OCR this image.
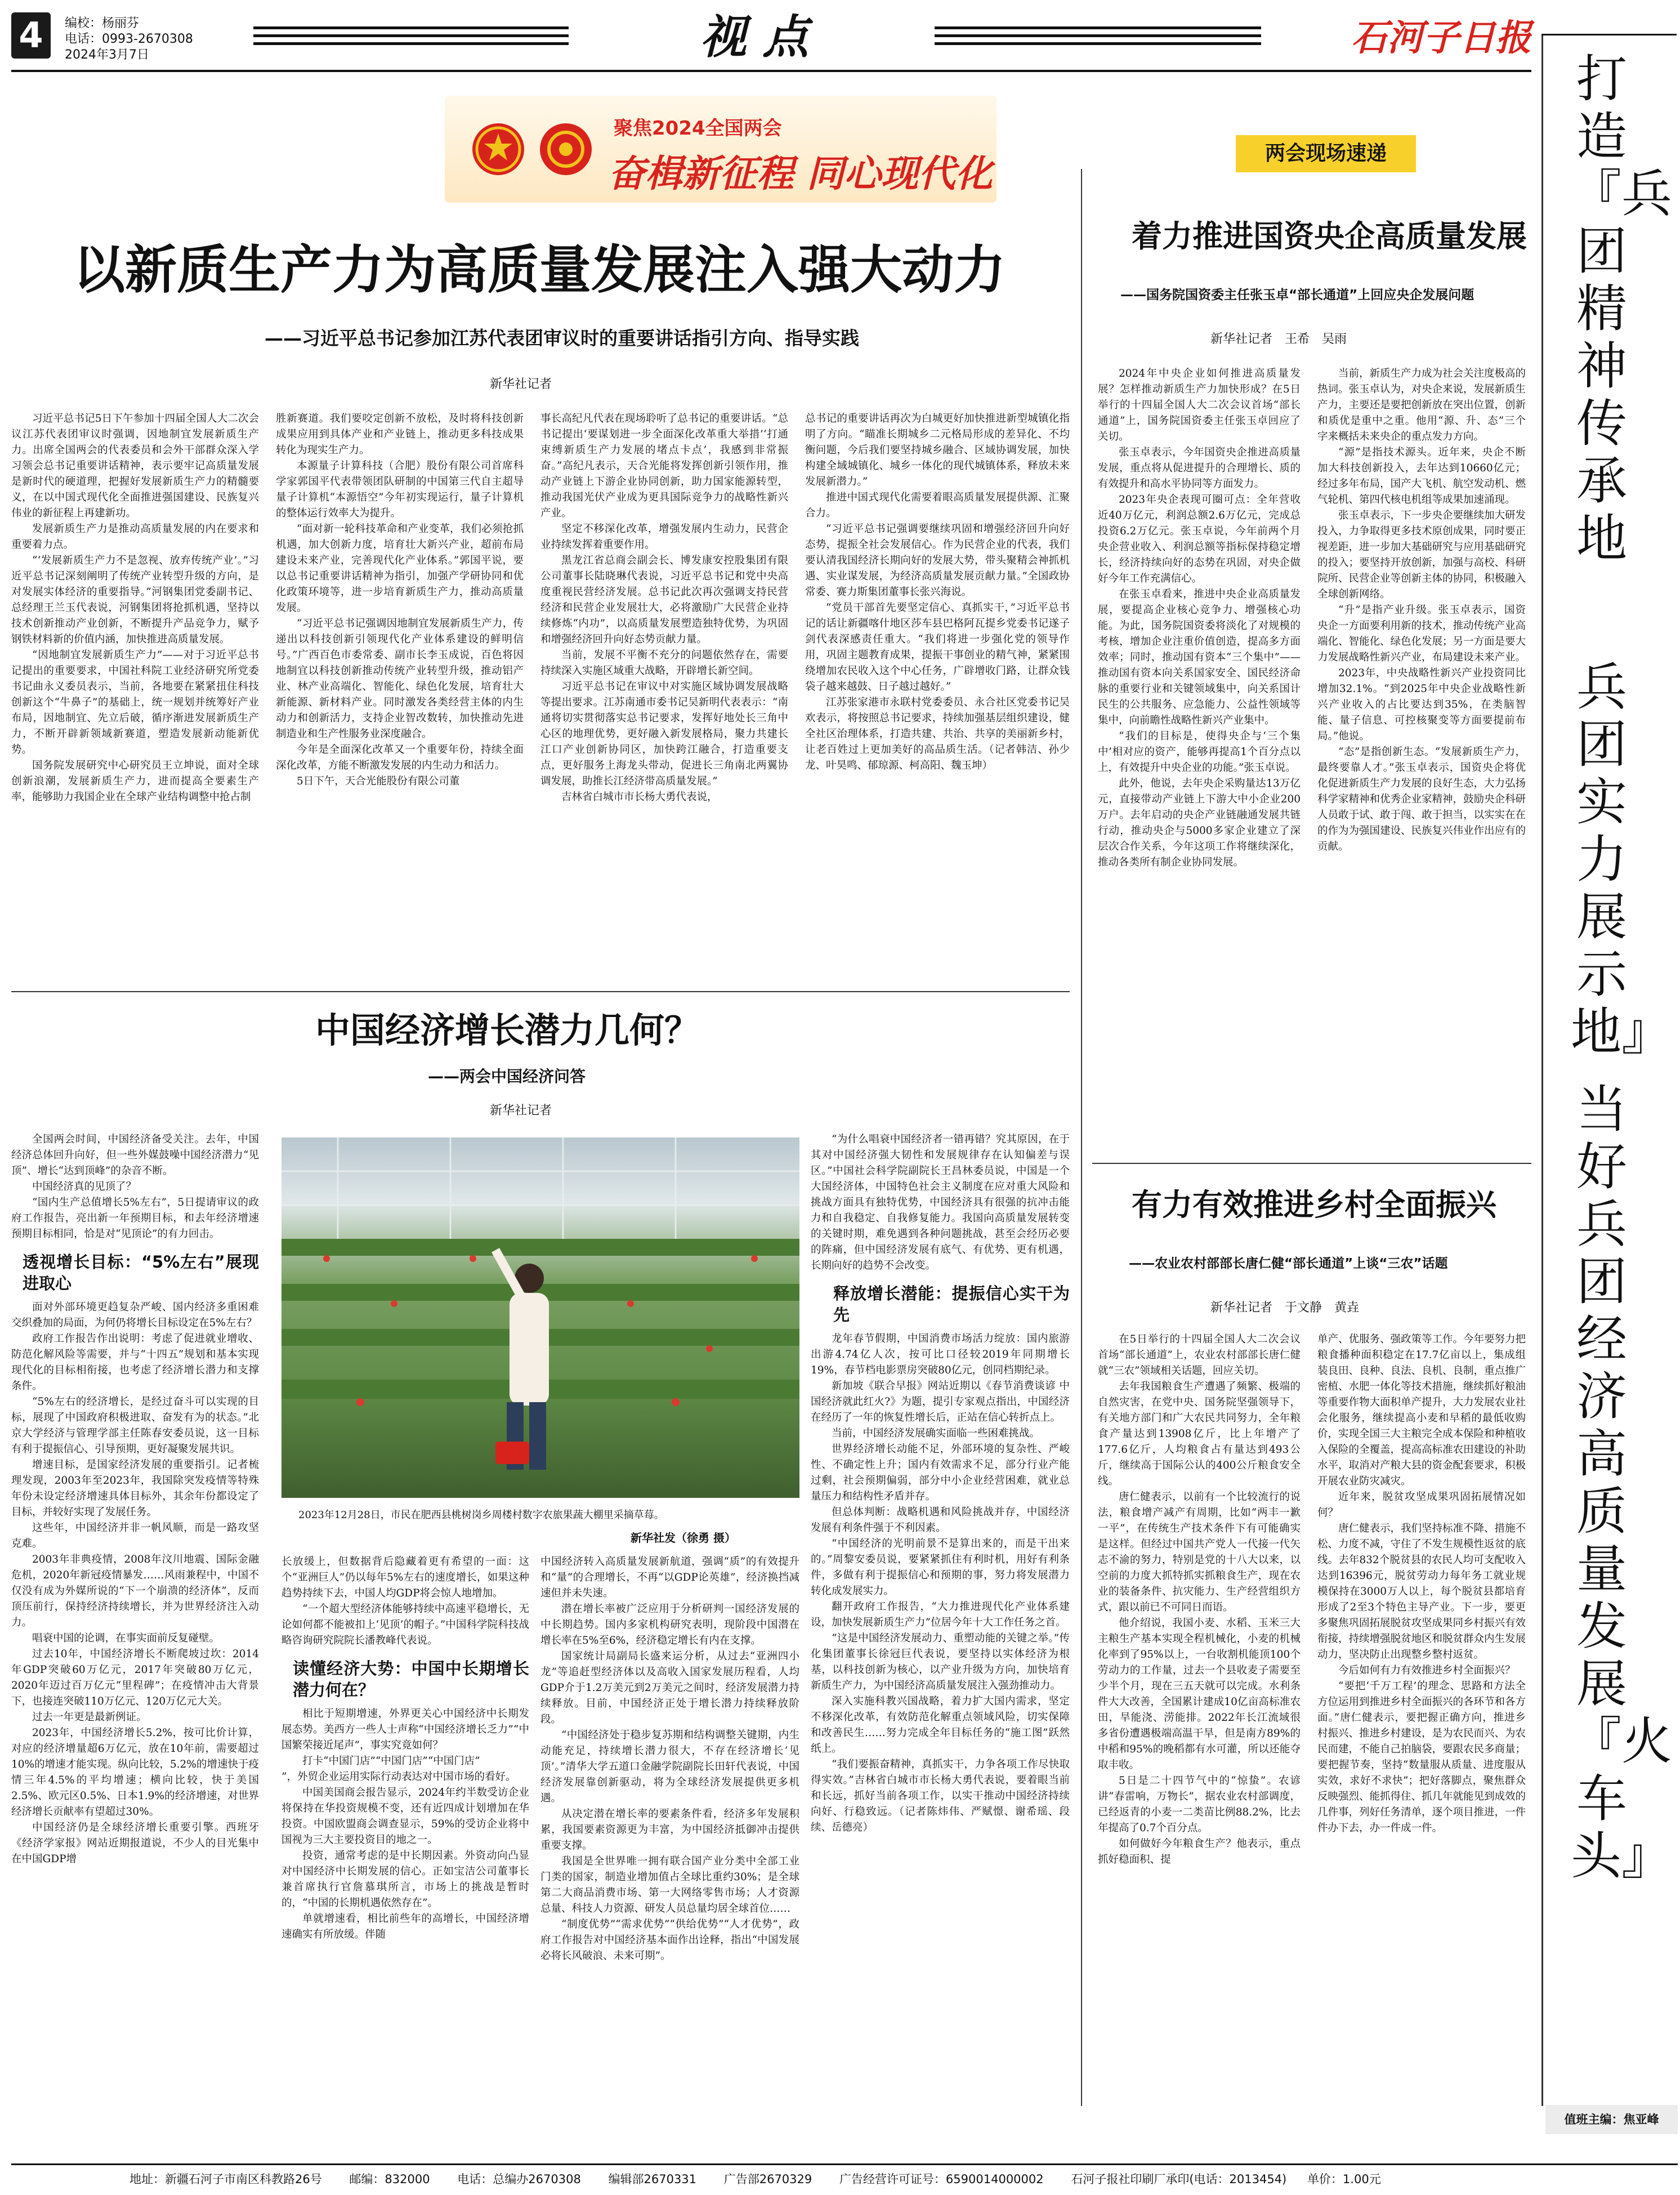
4	编校：杨丽芬
电话：0993-2670308
2024年3月7日	视 点	石河子日报
聚焦2024全国两会
奋楫新征程 同心现代化
打造『兵团精神传承地
兵团实力展示地』
当好兵团经济高质量发展『火车头』
值班主编：焦亚峰
两会现场速递
以新质生产力为高质量发展注入强大动力
——习近平总书记参加江苏代表团审议时的重要讲话指引方向、指导实践
新华社记者

习近平总书记5日下午参加十四届全国人大二次会议江苏代表团审议时强调，因地制宜发展新质生产力。出席全国两会的代表委员和会外干部群众深入学习领会总书记重要讲话精神，表示要牢记高质量发展是新时代的硬道理，把握好发展新质生产力的精髓要义，在以中国式现代化全面推进强国建设、民族复兴伟业的新征程上再建新功。

发展新质生产力是推动高质量发展的内在要求和重要着力点。

“‘发展新质生产力不是忽视、放弃传统产业’。”习近平总书记深刻阐明了传统产业转型升级的方向，是对发展实体经济的重要指导。”河钢集团党委副书记、总经理王兰玉代表说，河钢集团将抢抓机遇，坚持以技术创新推动产业创新，不断提升产品竞争力，赋予钢铁材料新的价值内涵，加快推进高质量发展。

“因地制宜发展新质生产力”——对于习近平总书记提出的重要要求，中国社科院工业经济研究所党委书记曲永义委员表示，当前，各地要在紧紧扭住科技创新这个“牛鼻子”的基础上，统一规划并统筹好产业布局，因地制宜、先立后破，循序渐进发展新质生产力，不断开辟新领域新赛道，塑造发展新动能新优势。

国务院发展研究中心研究员王立坤说，面对全球创新浪潮，发展新质生产力，进而提高全要素生产率，能够助力我国企业在全球产业结构调整中抢占制

胜新赛道。我们要咬定创新不放松，及时将科技创新成果应用到具体产业和产业链上，推动更多科技成果转化为现实生产力。

本源量子计算科技（合肥）股份有限公司首席科学家郭国平代表带领团队研制的中国第三代自主超导量子计算机“本源悟空”今年初实现运行，量子计算机的整体运行效率大为提升。

“面对新一轮科技革命和产业变革，我们必须抢抓机遇，加大创新力度，培育壮大新兴产业，超前布局建设未来产业，完善现代化产业体系。”郭国平说，要以总书记重要讲话精神为指引，加强产学研协同和优化政策环境等，进一步培育新质生产力，推动高质量发展。

“习近平总书记强调因地制宜发展新质生产力，传递出以科技创新引领现代化产业体系建设的鲜明信号。”广西百色市委常委、副市长李玉成说，百色将因地制宜以科技创新推动传统产业转型升级，推动铝产业、林产业高端化、智能化、绿色化发展，培育壮大新能源、新材料产业。同时激发各类经营主体的内生动力和创新活力，支持企业智改数转，加快推动先进制造业和生产性服务业深度融合。

今年是全面深化改革又一个重要年份，持续全面深化改革，方能不断激发发展的内生动力和活力。

5日下午，天合光能股份有限公司董

事长高纪凡代表在现场聆听了总书记的重要讲话。“总书记提出‘要谋划进一步全面深化改革重大举措’‘打通束缚新质生产力发展的堵点卡点’，我感到非常振奋。”高纪凡表示，天合光能将发挥创新引领作用，推动产业链上下游企业协同创新，助力国家能源转型，推动我国光伏产业成为更具国际竞争力的战略性新兴产业。

坚定不移深化改革，增强发展内生动力，民营企业持续发挥着重要作用。

黑龙江省总商会副会长、博发康安控股集团有限公司董事长陆晓琳代表说，习近平总书记和党中央高度重视民营经济发展。总书记此次再次强调支持民营经济和民营企业发展壮大，必将激励广大民营企业持续修炼“内功”，以高质量发展塑造独特优势，为巩固和增强经济回升向好态势贡献力量。

当前，发展不平衡不充分的问题依然存在，需要持续深入实施区域重大战略，开辟增长新空间。

习近平总书记在审议中对实施区域协调发展战略等提出要求。江苏南通市委书记吴新明代表表示：“南通将切实贯彻落实总书记要求，发挥好地处长三角中心区的地理优势，更好融入新发展格局，聚力共建长江口产业创新协同区，加快跨江融合，打造重要支点，更好服务上海龙头带动，促进长三角南北两翼协调发展，助推长江经济带高质量发展。”

吉林省白城市市长杨大勇代表说，

总书记的重要讲话再次为白城更好加快推进新型城镇化指明了方向。“瞄准长期城乡二元格局形成的差异化、不均衡问题，今后我们要坚持城乡融合、区域协调发展，加快构建全域城镇化、城乡一体化的现代城镇体系，释放未来发展新潜力。”

推进中国式现代化需要着眼高质量发展提供源、汇聚合力。

“习近平总书记强调要继续巩固和增强经济回升向好态势，提振全社会发展信心。作为民营企业的代表，我们要认清我国经济长期向好的发展大势，带头聚精会神抓机遇、实业谋发展，为经济高质量发展贡献力量。”全国政协常委、赛力斯集团董事长张兴海说。

“党员干部首先要坚定信心、真抓实干，”习近平总书记的话让新疆喀什地区莎车县巴格阿瓦提乡党委书记遂子剑代表深感责任重大。“我们将进一步强化党的领导作用，巩固主题教育成果，提振干事创业的精气神，紧紧围绕增加农民收入这个中心任务，广辟增收门路，让群众钱袋子越来越鼓、日子越过越好。”

江苏张家港市永联村党委委员、永合社区党委书记吴欢表示，将按照总书记要求，持续加强基层组织建设，健全社区治理体系，打造共建、共治、共享的美丽新乡村，让老百姓过上更加美好的高品质生活。（记者韩洁、孙少龙、叶昊鸣、郁琼源、柯高阳、魏玉坤）

中国经济增长潜力几何？
——两会中国经济问答
新华社记者

全国两会时间，中国经济备受关注。去年，中国经济总体回升向好，但一些外媒鼓噪中国经济潜力“见顶”、增长“达到顶峰”的杂音不断。

中国经济真的见顶了？

“国内生产总值增长5%左右”，5日提请审议的政府工作报告，亮出新一年预期目标，和去年经济增速预期目标相同，恰是对“见顶论”的有力回击。

透视增长目标：“5%左右”展现进取心

面对外部环境更趋复杂严峻、国内经济多重困难交织叠加的局面，为何仍将增长目标设定在5%左右？

政府工作报告作出说明：考虑了促进就业增收、防范化解风险等需要，并与“十四五”规划和基本实现现代化的目标相衔接，也考虑了经济增长潜力和支撑条件。

“5%左右的经济增长，是经过奋斗可以实现的目标，展现了中国政府积极进取、奋发有为的状态。”北京大学经济与管理学部主任陈春安委员说，这一目标有利于提振信心、引导预期，更好凝聚发展共识。

增速目标，是国家经济发展的重要指引。记者梳理发现，2003年至2023年，我国除突发疫情等特殊年份未设定经济增速具体目标外，其余年份都设定了目标，并较好实现了发展任务。

这些年，中国经济并非一帆风顺，而是一路攻坚克难。

2003年非典疫情，2008年汶川地震、国际金融危机，2020年新冠疫情暴发……风雨兼程中，中国不仅没有成为外媒所说的“下一个崩溃的经济体”，反而顶压前行，保持经济持续增长，并为世界经济注入动力。

唱衰中国的论调，在事实面前反复碰壁。

过去10年，中国经济增长不断爬坡过坎：2014年GDP突破60万亿元，2017年突破80万亿元，2020年迈过百万亿元“里程碑”；在疫情冲击大背景下，也接连突破110万亿元、120万亿元大关。

过去一年更是最新例证。

2023年，中国经济增长5.2%，按可比价计算，对应的经济增量超6万亿元，放在10年前，需要超过10%的增速才能实现。纵向比较，5.2%的增速快于疫情三年4.5%的平均增速；横向比较，快于美国2.5%、欧元区0.5%、日本1.9%的经济增速，对世界经济增长贡献率有望超过30%。

中国经济仍是全球经济增长重要引擎。西班牙《经济学家报》网站近期报道说，不少人的目光集中在中国GDP增

2023年12月28日，市民在肥西县桃树岗乡周楼村数字农旅果蔬大棚里采摘草莓。
新华社发（徐勇 摄）

长放缓上，但数据背后隐藏着更有希望的一面：这个“亚洲巨人”仍以每年5%左右的速度增长，如果这种趋势持续下去，中国人均GDP将会惊人地增加。

“一个超大型经济体能够持续中高速平稳增长，无论如何都不能被扣上‘见顶’的帽子。”中国科学院科技战略咨询研究院院长潘教峰代表说。

读懂经济大势：中国中长期增长潜力何在？

相比于短期增速，外界更关心中国经济中长期发展态势。美西方一些人士声称“中国经济增长乏力”“中国繁荣接近尾声”，事实究竟如何？

打卡“中国门店”“中国门店”“中国门店”

”，外贸企业运用实际行动表达对中国市场的看好。

中国美国商会报告显示，2024年约半数受访企业将保持在华投资规模不变，还有近四成计划增加在华投资。中国欧盟商会调查显示，59%的受访企业将中国视为三大主要投资目的地之一。

投资，通常考虑的是中长期因素。外资动向凸显对中国经济中长期发展的信心。正如宝洁公司董事长兼首席执行官詹慕琪所言，市场上的挑战是暂时的，“中国的长期机遇依然存在”。

单就增速看，相比前些年的高增长，中国经济增速确实有所放缓。伴随

中国经济转入高质量发展新航道，强调“质”的有效提升和“量”的合理增长，不再“以GDP论英雄”，经济换挡减速但并未失速。

潜在增长率被广泛应用于分析研判一国经济发展的中长期趋势。国内多家机构研究表明，现阶段中国潜在增长率在5%至6%，经济稳定增长有内在支撑。

国家统计局副局长盛来运分析，从过去“亚洲四小龙”等追赶型经济体以及高收入国家发展历程看，人均GDP介于1.2万美元到2万美元之间时，经济发展潜力持续释放。目前，中国经济正处于增长潜力持续释放阶段。

“中国经济处于稳步复苏期和结构调整关键期，内生动能充足，持续增长潜力很大，不存在经济增长‘见顶’。”清华大学五道口金融学院副院长田轩代表说，中国经济发展靠创新驱动，将为全球经济发展提供更多机遇。

从决定潜在增长率的要素条件看，经济多年发展积累，我国要素资源更为丰富，为中国经济抵御冲击提供重要支撑。

我国是全世界唯一拥有联合国产业分类中全部工业门类的国家，制造业增加值占全球比重约30%；是全球第二大商品消费市场、第一大网络零售市场；人才资源总量、科技人力资源、研发人员总量均居全球首位……

“制度优势”“需求优势”“供给优势”“人才优势”，政府工作报告对中国经济基本面作出诠释，指出“中国发展必将长风破浪、未来可期”。

“为什么唱衰中国经济者一错再错？究其原因，在于其对中国经济强大韧性和发展规律存在认知偏差与误区。”中国社会科学院副院长王昌林委员说，中国是一个大国经济体，中国特色社会主义制度在应对重大风险和挑战方面具有独特优势，中国经济具有很强的抗冲击能力和自我稳定、自我修复能力。我国向高质量发展转变的关键时期，难免遇到各种问题挑战，甚至会经历必要的阵痛，但中国经济发展有底气、有优势、更有机遇，长期向好的趋势不会改变。

释放增长潜能：提振信心实干为先

龙年春节假期，中国消费市场活力绽放：国内旅游出游4.74亿人次，按可比口径较2019年同期增长19%，春节档电影票房突破80亿元，创同档期纪录。

新加坡《联合早报》网站近期以《春节消费谈谚 中国经济就此红火?》为题，提引专家观点指出，中国经济在经历了一年的恢复性增长后，正站在信心转折点上。

当前，中国经济发展确实面临一些困难挑战。

世界经济增长动能不足，外部环境的复杂性、严峻性、不确定性上升；国内有效需求不足，部分行业产能过剩，社会预期偏弱，部分中小企业经营困难，就业总量压力和结构性矛盾并存。

但总体判断：战略机遇和风险挑战并存，中国经济发展有利条件强于不利因素。

“中国经济的光明前景不是算出来的，而是干出来的。”周黎安委员说，要紧紧抓住有利时机，用好有利条件，多做有利于提振信心和预期的事，努力将发展潜力转化成发展实力。

翻开政府工作报告，“大力推进现代化产业体系建设，加快发展新质生产力”位居今年十大工作任务之首。

“这是中国经济发展动力、重塑动能的关键之举。”传化集团董事长徐冠巨代表说，要坚持以实体经济为根基，以科技创新为核心，以产业升级为方向，加快培育新质生产力，为中国经济高质量发展注入强劲推动力。

深入实施科教兴国战略，着力扩大国内需求，坚定不移深化改革，有效防范化解重点领域风险，切实保障和改善民生……努力完成全年目标任务的“施工图”跃然纸上。

“我们要振奋精神，真抓实干，力争各项工作尽快取得实效。”吉林省白城市市长杨大勇代表说，要着眼当前和长远，抓好当前各项工作，以实干推动中国经济持续向好、行稳致远。（记者陈炜伟、严赋憬、谢希瑶、段续、岳德亮）

着力推进国资央企高质量发展
——国务院国资委主任张玉卓“部长通道”上回应央企发展问题
新华社记者　王希　吴雨

2024年中央企业如何推进高质量发展？怎样推动新质生产力加快形成？在5日举行的十四届全国人大二次会议首场“部长通道”上，国务院国资委主任张玉卓回应了关切。

张玉卓表示，今年国资央企推进高质量发展，重点将从促进提升的合理增长、质的有效提升和高水平协同等方面发力。

2023年央企表现可圈可点：全年营收近40万亿元，利润总额2.6万亿元，完成总投资6.2万亿元。张玉卓说，今年前两个月央企营业收入、利润总额等指标保持稳定增长，经济持续向好的态势在巩固，对央企做好今年工作充满信心。

在张玉卓看来，推进中央企业高质量发展，要提高企业核心竞争力、增强核心功能。为此，国务院国资委将淡化了对规模的考核，增加企业注重价值创造，提高多方面效率；同时，推动国有资本“三个集中”——推动国有资本向关系国家安全、国民经济命脉的重要行业和关键领域集中，向关系国计民生的公共服务、应急能力、公益性领域等集中，向前瞻性战略性新兴产业集中。

“我们的目标是，使得央企与‘三个集中’相对应的资产，能够再提高1个百分点以上，有效提升中央企业的功能。”张玉卓说。

此外，他说，去年央企采购量达13万亿元，直接带动产业链上下游大中小企业200万户。去年启动的央企产业链融通发展共链行动，推动央企与5000多家企业建立了深层次合作关系，今年这项工作将继续深化，推动各类所有制企业协同发展。

当前，新质生产力成为社会关注度极高的热词。张玉卓认为，对央企来说，发展新质生产力，主要还是要把创新放在突出位置，创新和质优是重中之重。他用“源、升、态”三个字来概括未来央企的重点发力方向。

“源”是指技术源头。近年来，央企不断加大科技创新投入，去年达到10660亿元；经过多年布局，国产大飞机、航空发动机、燃气轮机、第四代核电机组等成果加速涌现。

张玉卓表示，下一步央企要继续加大研发投入，力争取得更多技术原创成果，同时要正视差距，进一步加大基础研究与应用基础研究的投入；要坚持开放创新，加强与高校、科研院所、民营企业等创新主体的协同，积极融入全球创新网络。

“升”是指产业升级。张玉卓表示，国资央企一方面要利用新的技术，推动传统产业高端化、智能化、绿色化发展；另一方面是要大力发展战略性新兴产业，布局建设未来产业。

2023年，中央战略性新兴产业投资同比增加32.1%。“到2025年中央企业战略性新兴产业收入的占比要达到35%，在类脑智能、量子信息、可控核聚变等方面要提前布局。”他说。

“态”是指创新生态。“发展新质生产力，最终要靠人才。”张玉卓表示，国资央企将优化促进新质生产力发展的良好生态，大力弘扬科学家精神和优秀企业家精神，鼓励央企科研人员敢于试、敢于闯、敢于担当，以实实在在的作为为强国建设、民族复兴伟业作出应有的贡献。

有力有效推进乡村全面振兴
——农业农村部部长唐仁健“部长通道”上谈“三农”话题
新华社记者　于文静　黄垚

在5日举行的十四届全国人大二次会议首场“部长通道”上，农业农村部部长唐仁健就“三农”领域相关话题，回应关切。

去年我国粮食生产遭遇了频繁、极端的自然灾害，在党中央、国务院坚强领导下，有关地方部门和广大农民共同努力，全年粮食产量达到13908亿斤，比上年增产了177.6亿斤，人均粮食占有量达到493公斤，继续高于国际公认的400公斤粮食安全线。

唐仁健表示，以前有一个比较流行的说法，粮食增产减产有周期，比如“两丰一歉一平”，在传统生产技术条件下有可能确实是这样。但经过中国共产党人一代接一代矢志不渝的努力，特别是党的十八大以来，以空前的力度大抓特抓实抓粮食生产，现在农业的装备条件、抗灾能力、生产经营组织方式，跟以前已不可同日而语。

他介绍说，我国小麦、水稻、玉米三大主粮生产基本实现全程机械化，小麦的机械化率到了95%以上，一台收割机能顶100个劳动力的工作量，过去一个县收麦子需要至少半个月，现在三五天就可以完成。水利条件大大改善，全国累计建成10亿亩高标准农田，旱能浇、涝能排。2022年长江流域很多省份遭遇极端高温干旱，但是南方89%的中稻和95%的晚稻都有水可灌，所以还能夺取丰收。

5日是二十四节气中的“惊蛰”。农谚讲“春雷响，万物长”，据农业农村部调度，已经返青的小麦一二类苗比例88.2%，比去年提高了0.7个百分点。

如何做好今年粮食生产？他表示，重点抓好稳面积、提

单产、优服务、强政策等工作。今年要努力把粮食播种面积稳定在17.7亿亩以上，集成组装良田、良种、良法、良机、良制，重点推广密植、水肥一体化等技术措施，继续抓好粮油等重要作物大面积单产提升，大力发展农业社会化服务，继续提高小麦和早稻的最低收购价，实现全国三大主粮完全成本保险和种植收入保险的全覆盖，提高高标准农田建设的补助水平，取消对产粮大县的资金配套要求，积极开展农业防灾减灾。

近年来，脱贫攻坚成果巩固拓展情况如何？

唐仁健表示，我们坚持标准不降、措施不松、力度不减，守住了不发生规模性返贫的底线。去年832个脱贫县的农民人均可支配收入达到16396元，脱贫劳动力每年务工就业规模保持在3000万人以上，每个脱贫县都培育形成了2至3个特色主导产业。下一步，要更多聚焦巩固拓展脱贫攻坚成果同乡村振兴有效衔接，持续增强脱贫地区和脱贫群众内生发展动力，坚决防止出现整乡整村返贫。

今后如何有力有效推进乡村全面振兴？

“要把‘千万工程’的理念、思路和方法全方位运用到推进乡村全面振兴的各环节和各方面。”唐仁健表示，要把握正确方向，推进乡村振兴、推进乡村建设，是为农民而兴、为农民而建，不能自己拍脑袋，要跟农民多商量；要把握节奏，坚持“数量服从质量、进度服从实效，求好不求快”；把好落脚点，聚焦群众反映强烈、能抓得住、抓几年就能见到成效的几件事，列好任务清单，逐个项目推进，一件件办下去，办一件成一件。

地址：新疆石河子市南区科教路26号 邮编：832000 电话：总编办2670308 编辑部2670331 广告部2670329 广告经营许可证号：6590014000002 石河子报社印刷厂承印(电话：2013454) 单价：1.00元
